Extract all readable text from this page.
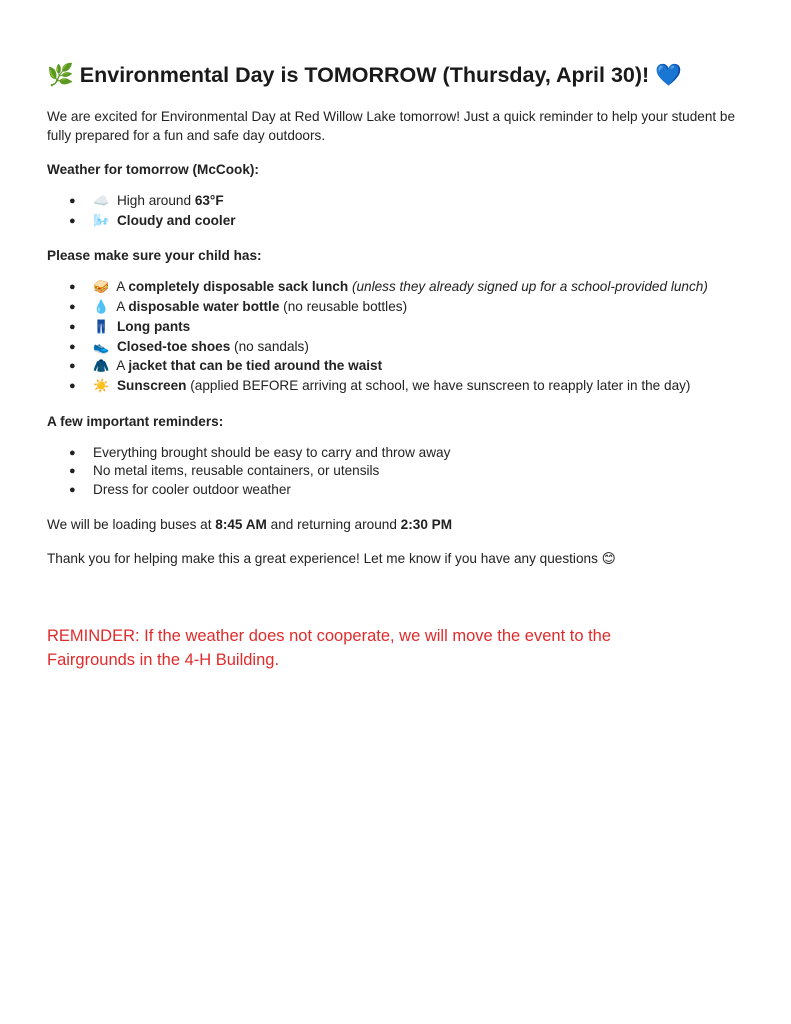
🌿 Environmental Day is TOMORROW (Thursday, April 30)! 💙

We are excited for Environmental Day at Red Willow Lake tomorrow! Just a quick reminder to help your student be fully prepared for a fun and safe day outdoors.

Weather for tomorrow (McCook):

● ☁️ High around 63°F
● 🌬️ Cloudy and cooler

Please make sure your child has:

● 🥪 A completely disposable sack lunch (unless they already signed up for a school-provided lunch)
● 💧 A disposable water bottle (no reusable bottles)
● 👖 Long pants
● 👟 Closed-toe shoes (no sandals)
● 🧥 A jacket that can be tied around the waist
● ☀️ Sunscreen (applied BEFORE arriving at school, we have sunscreen to reapply later in the day)

A few important reminders:

● Everything brought should be easy to carry and throw away
● No metal items, reusable containers, or utensils
● Dress for cooler outdoor weather

We will be loading buses at 8:45 AM and returning around 2:30 PM

Thank you for helping make this a great experience! Let me know if you have any questions 😊

REMINDER: If the weather does not cooperate, we will move the event to the Fairgrounds in the 4-H Building.
